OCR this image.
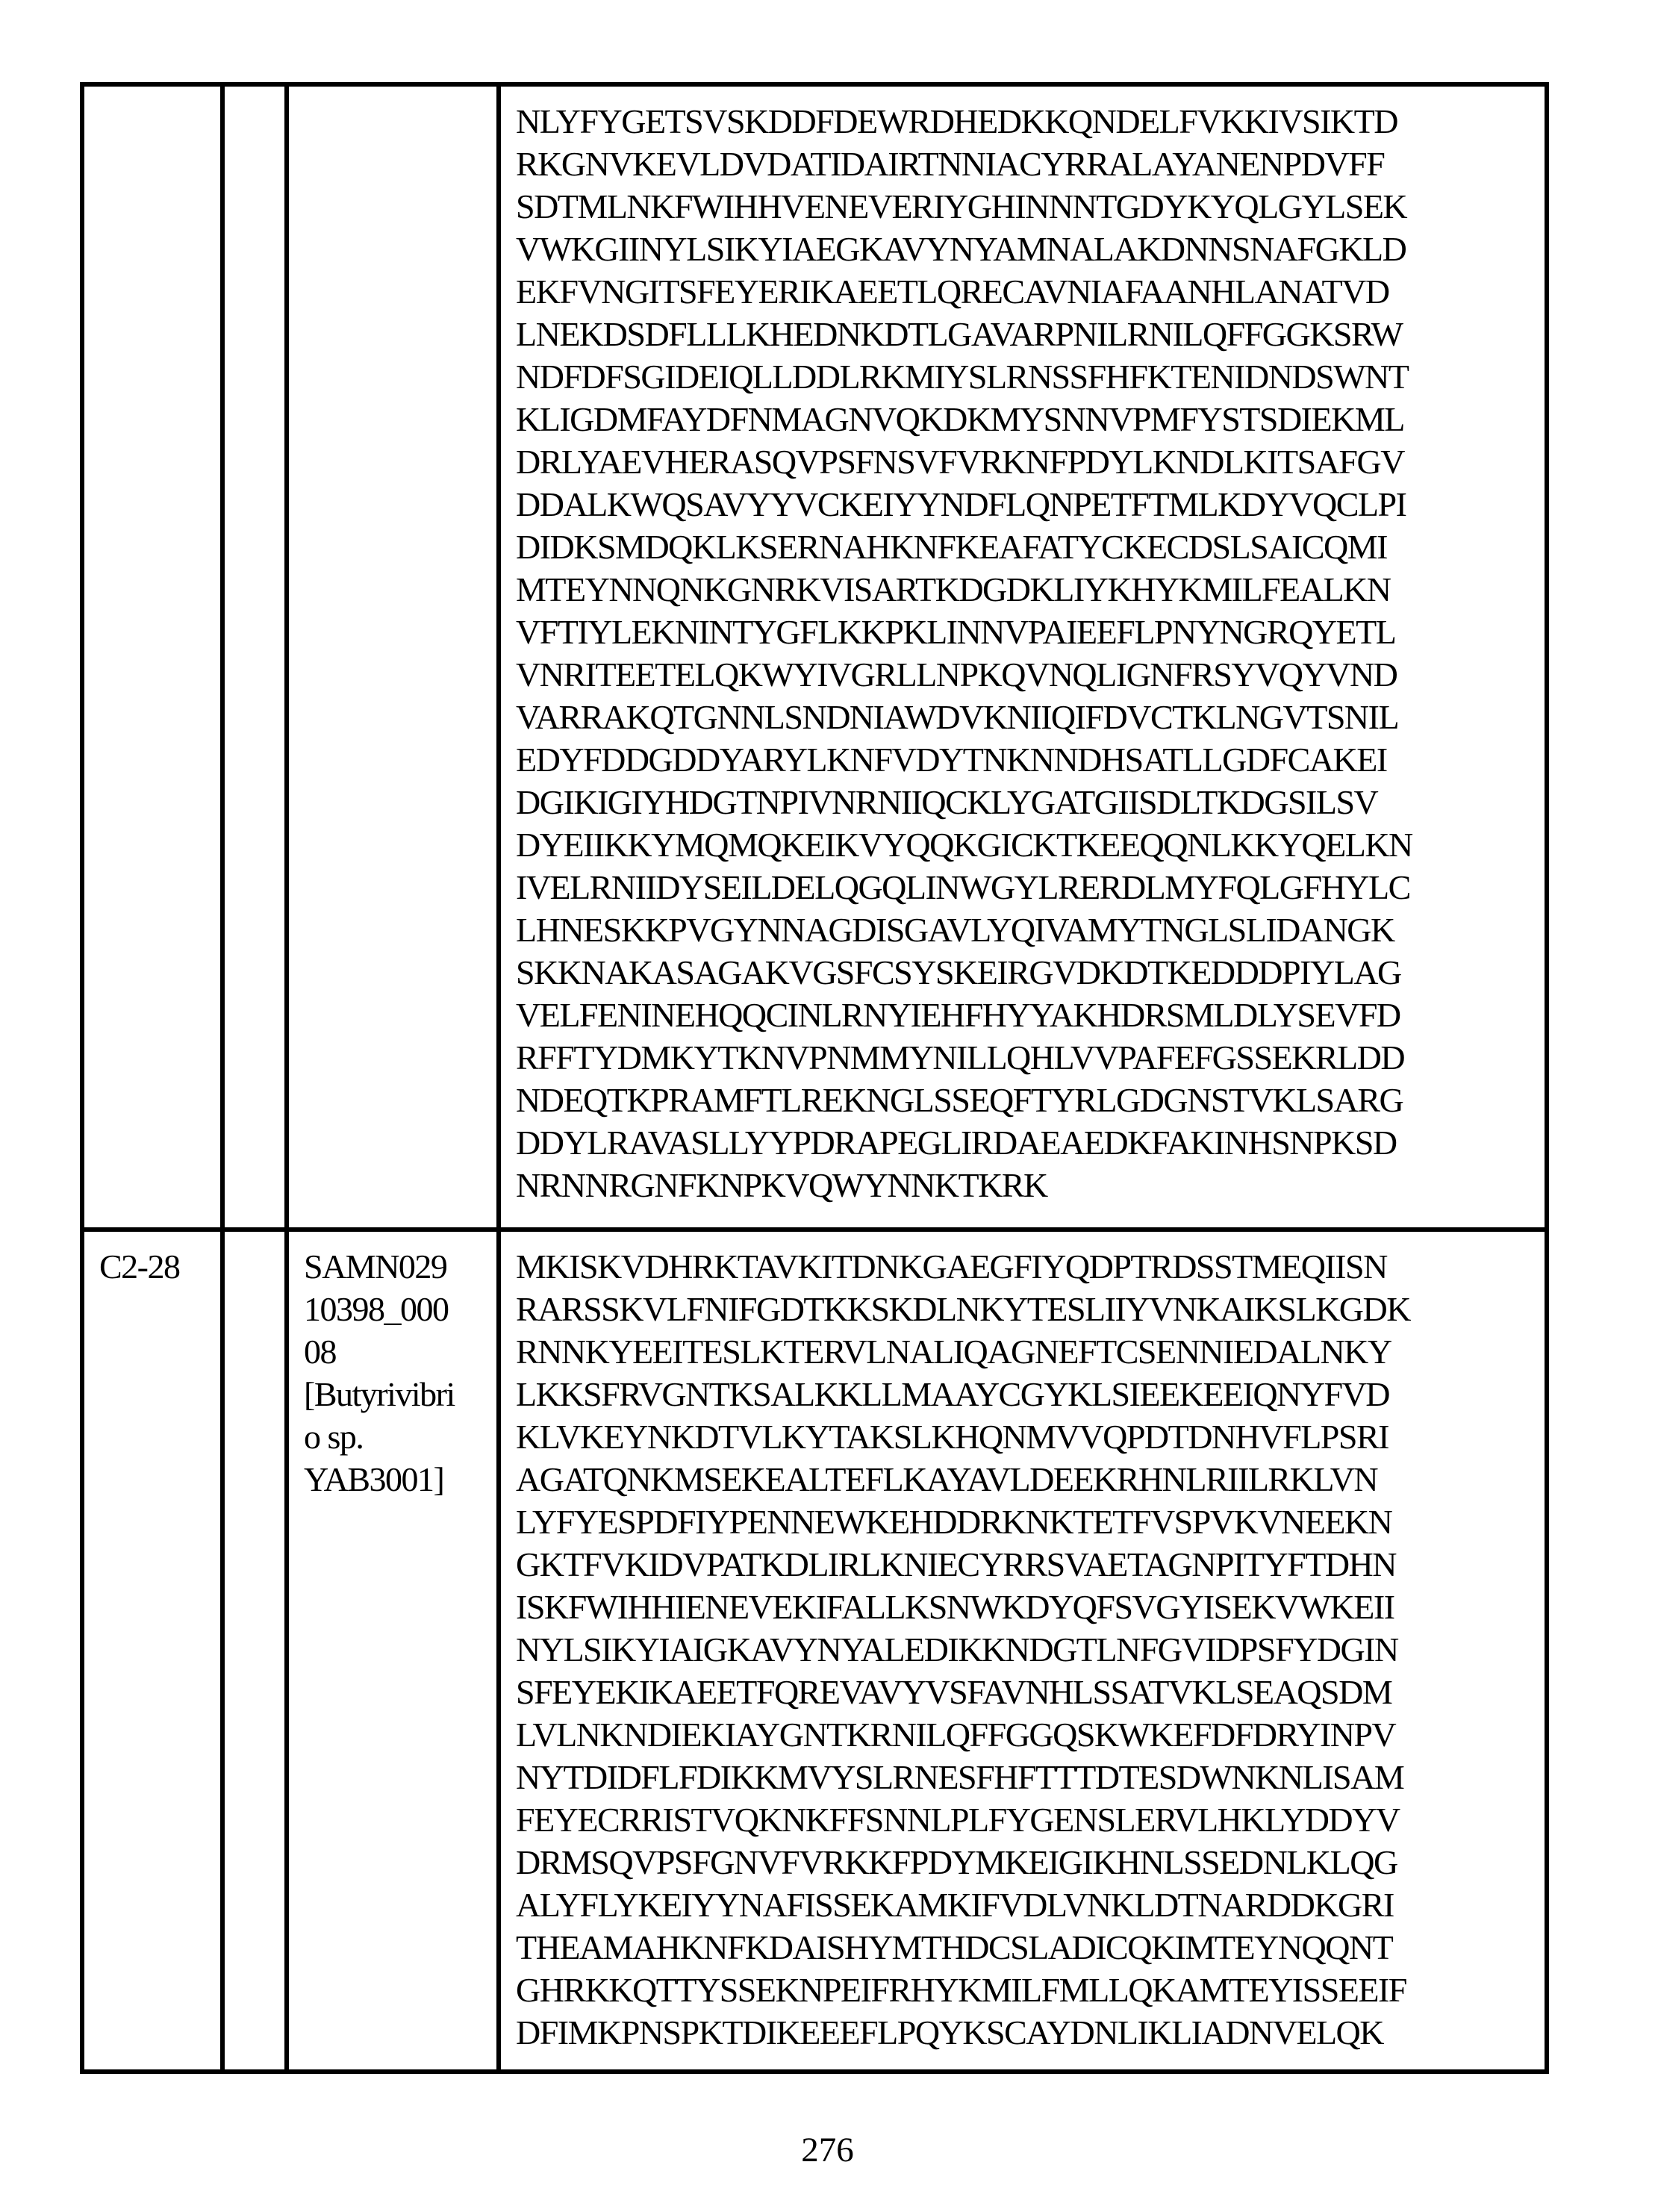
			NLYFYGETSVSKDDFDEWRDHEDKKQNDELFVKKIVSIKTD
RKGNVKEVLDVDATIDAIRTNNIACYRRALAYANENPDVFF
SDTMLNKFWIHHVENEVERIYGHINNNTGDYKYQLGYLSEK
VWKGIINYLSIKYIAEGKAVYNYAMNALAKDNNSNAFGKLD
EKFVNGITSFEYERIKAEETLQRECAVNIAFAANHLANATVD
LNEKDSDFLLLKHEDNKDTLGAVARPNILRNILQFFGGKSRW
NDFDFSGIDEIQLLDDLRKMIYSLRNSSFHFKTENIDNDSWNT
KLIGDMFAYDFNMAGNVQKDKMYSNNVPMFYSTSDIEKML
DRLYAEVHERASQVPSFNSVFVRKNFPDYLKNDLKITSAFGV
DDALKWQSAVYYVCKEIYYNDFLQNPETFTMLKDYVQCLPI
DIDKSMDQKLKSERNAHKNFKEAFATYCKECDSLSAICQMI
MTEYNNQNKGNRKVISARTKDGDKLIYKHYKMILFEALKN
VFTIYLEKNINTYGFLKKPKLINNVPAIEEFLPNYNGRQYETL
VNRITEETELQKWYIVGRLLNPKQVNQLIGNFRSYVQYVND
VARRAKQTGNNLSNDNIAWDVKNIIQIFDVCTKLNGVTSNIL
EDYFDDGDDYARYLKNFVDYTNKNNDHSATLLGDFCAKEI
DGIKIGIYHDGTNPIVNRNIIQCKLYGATGIISDLTKDGSILSV
DYEIIKKYMQMQKEIKVYQQKGICKTKEEQQNLKKYQELKN
IVELRNIIDYSEILDELQGQLINWGYLRERDLMYFQLGFHYLC
LHNESKKPVGYNNAGDISGAVLYQIVAMYTNGLSLIDANGK
SKKNAKASAGAKVGSFCSYSKEIRGVDKDTKEDDDPIYLAG
VELFENINEHQQCINLRNYIEHFHYYAKHDRSMLDLYSEVFD
RFFTYDMKYTKNVPNMMYNILLQHLVVPAFEFGSSEKRLDD
NDEQTKPRAMFTLREKNGLSSEQFTYRLGDGNSTVKLSARG
DDYLRAVASLLYYPDRAPEGLIRDAEAEDKFAKINHSNPKSD
NRNNRGNFKNPKVQWYNNKTKRK
C2-28		SAMN029
10398_000
08
[Butyrivibri
o sp.
YAB3001]	MKISKVDHRKTAVKITDNKGAEGFIYQDPTRDSSTMEQIISN
RARSSKVLFNIFGDTKKSKDLNKYTESLIIYVNKAIKSLKGDK
RNNKYEEITESLKTERVLNALIQAGNEFTCSENNIEDALNKY
LKKSFRVGNTKSALKKLLMAAYCGYKLSIEEKEEIQNYFVD
KLVKEYNKDTVLKYTAKSLKHQNMVVQPDTDNHVFLPSRI
AGATQNKMSEKEALTEFLKAYAVLDEEKRHNLRIILRKLVN
LYFYESPDFIYPENNEWKEHDDRKNKTETFVSPVKVNEEKN
GKTFVKIDVPATKDLIRLKNIECYRRSVAETAGNPITYFTDHN
ISKFWIHHIENEVEKIFALLKSNWKDYQFSVGYISEKVWKEII
NYLSIKYIAIGKAVYNYALEDIKKNDGTLNFGVIDPSFYDGIN
SFEYEKIKAEETFQREVAVYVSFAVNHLSSATVKLSEAQSDM
LVLNKNDIEKIAYGNTKRNILQFFGGQSKWKEFDFDRYINPV
NYTDIDFLFDIKKMVYSLRNESFHFTTTDTESDWNKNLISAM
FEYECRRISTVQKNKFFSNNLPLFYGENSLERVLHKLYDDYV
DRMSQVPSFGNVFVRKKFPDYMKEIGIKHNLSSEDNLKLQG
ALYFLYKEIYYNAFISSEKAMKIFVDLVNKLDTNARDDKGRI
THEAMAHKNFKDAISHYMTHDCSLADICQKIMTEYNQQNT
GHRKKQTTYSSEKNPEIFRHYKMILFMLLQKAMTEYISSEEIF
DFIMKPNSPKTDIKEEEFLPQYKSCAYDNLIKLIADNVELQK
276
